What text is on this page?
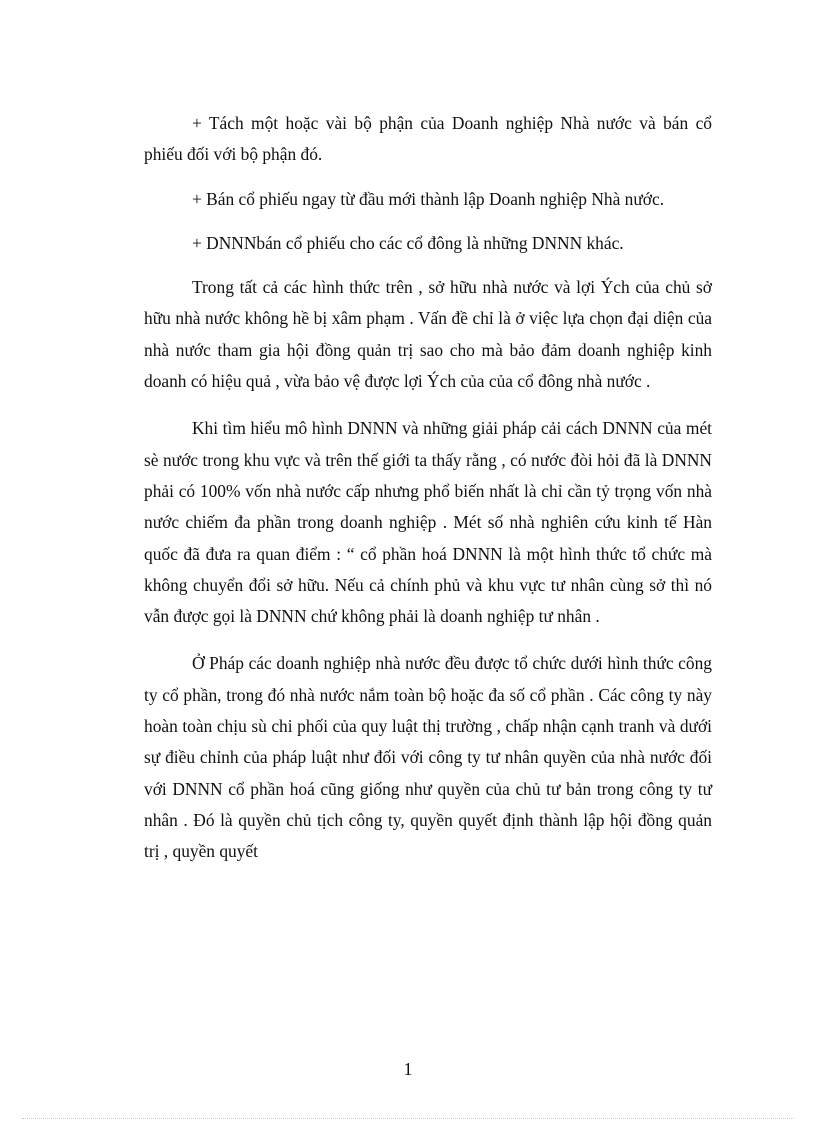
+ Tách một hoặc vài bộ phận của Doanh nghiệp Nhà nước và bán cổ phiếu đối với bộ phận đó.

+ Bán cổ phiếu ngay từ đầu mới thành lập Doanh nghiệp Nhà nước.

+ DNNNbán cổ phiếu cho các cổ đông là những DNNN khác.

Trong tất cả các hình thức trên , sở hữu nhà nước và lợi Ých của chủ sở hữu nhà nước không hề bị xâm phạm . Vấn đề chỉ là ở việc lựa chọn đại diện của nhà nước tham gia hội đồng quản trị sao cho mà bảo đảm doanh nghiệp kinh doanh có hiệu quả , vừa bảo vệ được lợi Ých của của cổ đông nhà nước .

Khi tìm hiểu mô hình DNNN và những giải pháp cải cách DNNN của mét sè nước trong khu vực và trên thế giới ta thấy rằng , có nước đòi hỏi đã là DNNN phải có 100% vốn nhà nước cấp nhưng phổ biến nhất là chỉ cần tỷ trọng vốn nhà nước chiếm đa phần trong doanh nghiệp . Mét số nhà nghiên cứu kinh tế Hàn quốc đã đưa ra quan điểm : “ cổ phần hoá DNNN là một hình thức tổ chức mà không chuyển đổi sở hữu. Nếu cả chính phủ và khu vực tư nhân cùng sở thì nó vẫn được gọi là DNNN chứ không phải là doanh nghiệp tư nhân .

Ở Pháp các doanh nghiệp nhà nước đều được tổ chức dưới hình thức công ty cổ phần, trong đó nhà nước nắm toàn bộ hoặc đa số cổ phần . Các công ty này hoàn toàn chịu sù chi phối của quy luật thị trường , chấp nhận cạnh tranh và dưới sự điều chỉnh của pháp luật như đối với công ty tư nhân quyền của nhà nước đối với DNNN cổ phần hoá cũng giống như quyền của chủ tư bản trong công ty tư nhân . Đó là quyền chủ tịch công ty, quyền quyết định thành lập hội đồng quản trị , quyền quyết

1
